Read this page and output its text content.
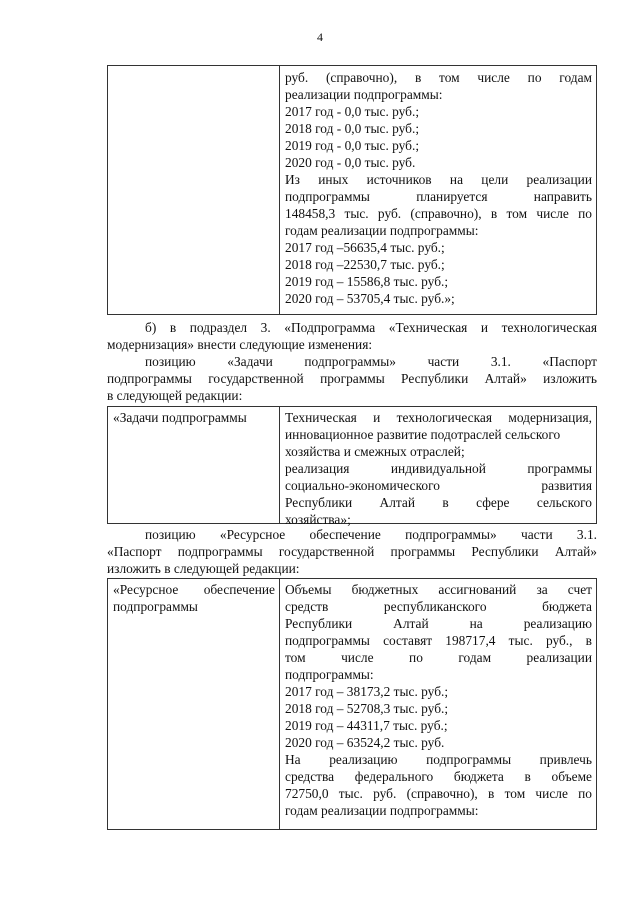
4
руб. (справочно), в том числе по годам
реализации подпрограммы:
2017 год - 0,0 тыс. руб.;
2018 год - 0,0 тыс. руб.;
2019 год - 0,0 тыс. руб.;
2020 год - 0,0 тыс. руб.
Из иных источников на цели реализации
подпрограммы планируется направить
148458,3 тыс. руб. (справочно), в том числе по
годам реализации подпрограммы:
2017 год –56635,4 тыс. руб.;
2018 год –22530,7 тыс. руб.;
2019 год – 15586,8 тыс. руб.;
2020 год – 53705,4 тыс. руб.»;
б) в подраздел 3. «Подпрограмма «Техническая и технологическая
модернизация» внести следующие изменения:
позицию «Задачи подпрограммы» части 3.1. «Паспорт
подпрограммы государственной программы Республики Алтай» изложить
в следующей редакции:
«Задачи подпрограммы	Техническая и технологическая модернизация,
инновационное развитие подотраслей сельского
хозяйства и смежных отраслей;
реализация индивидуальной программы
социально-экономического развития
Республики Алтай в сфере сельского
хозяйства»;
позицию «Ресурсное обеспечение подпрограммы» части 3.1.
«Паспорт подпрограммы государственной программы Республики Алтай»
изложить в следующей редакции:
«Ресурсное обеспечение
подпрограммы
Объемы бюджетных ассигнований за счет
средств республиканского бюджета
Республики Алтай на реализацию
подпрограммы составят 198717,4 тыс. руб., в
том числе по годам реализации
подпрограммы:
2017 год – 38173,2 тыс. руб.;
2018 год – 52708,3 тыс. руб.;
2019 год – 44311,7 тыс. руб.;
2020 год – 63524,2 тыс. руб.
На реализацию подпрограммы привлечь
средства федерального бюджета в объеме
72750,0 тыс. руб. (справочно), в том числе по
годам реализации подпрограммы:
